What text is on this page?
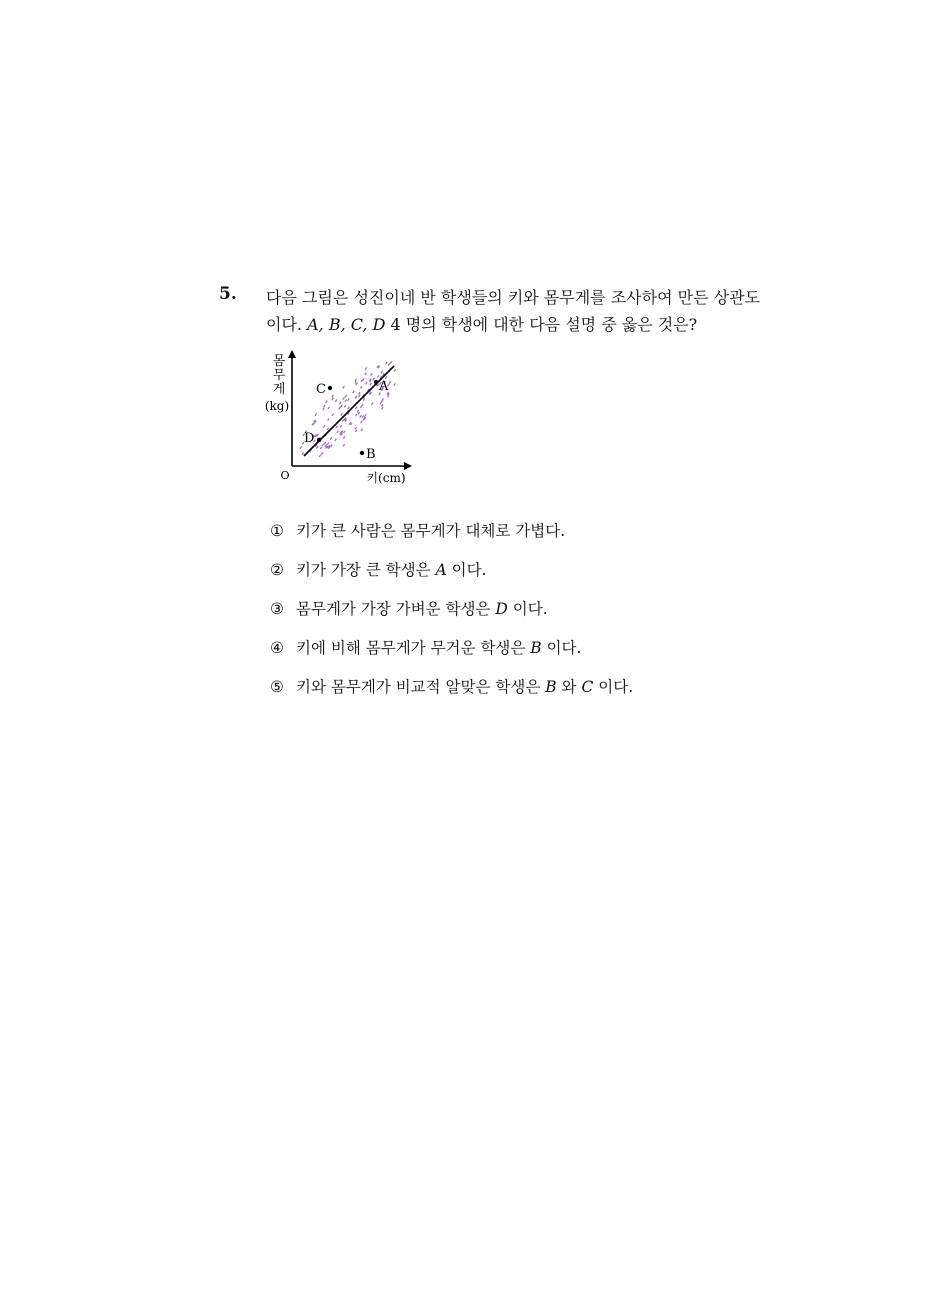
5. 다음 그림은 성진이네 반 학생들의 키와 몸무게를 조사하여 만든 상관도
이다. A, B, C, D 4 명의 학생에 대한 다음 설명 중 옳은 것은?
몸
무
게
(kg)
O	키(cm)
C	A
D
B
① 키가 큰 사람은 몸무게가 대체로 가볍다.
② 키가 가장 큰 학생은 A 이다.
③ 몸무게가 가장 가벼운 학생은 D 이다.
④ 키에 비해 몸무게가 무거운 학생은 B 이다.
⑤ 키와 몸무게가 비교적 알맞은 학생은 B 와 C 이다.
